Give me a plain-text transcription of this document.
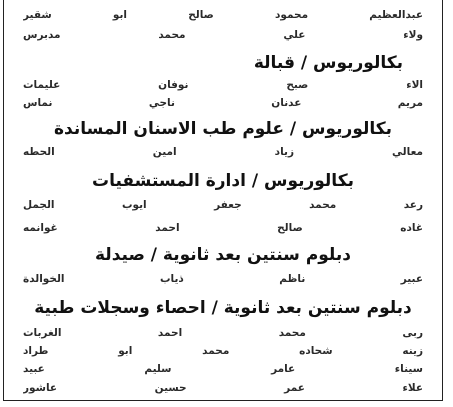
عبدالعظيم محمود صالح ابو شقير
ولاء علي محمد مدبرس
بكالوريوس / قبالة
الاء صبح نوفان عليمات
مريم عدنان ناجي نماس
بكالوريوس / علوم طب الاسنان المساندة
معالي زياد امين الحطه
بكالوريوس / ادارة المستشفيات
رعد محمد جعفر ايوب الجمل
غاده صالح احمد غوانمه
دبلوم سنتين بعد ثانوية / صيدلة
عبير ناظم ذياب الخوالدة
دبلوم سنتين بعد ثانوية / احصاء وسجلات طبية
ربى محمد احمد الغربات
زينه شحاده محمد ابو طراد
سيناء عامر سليم عبيد
علاء عمر حسين عاشور
